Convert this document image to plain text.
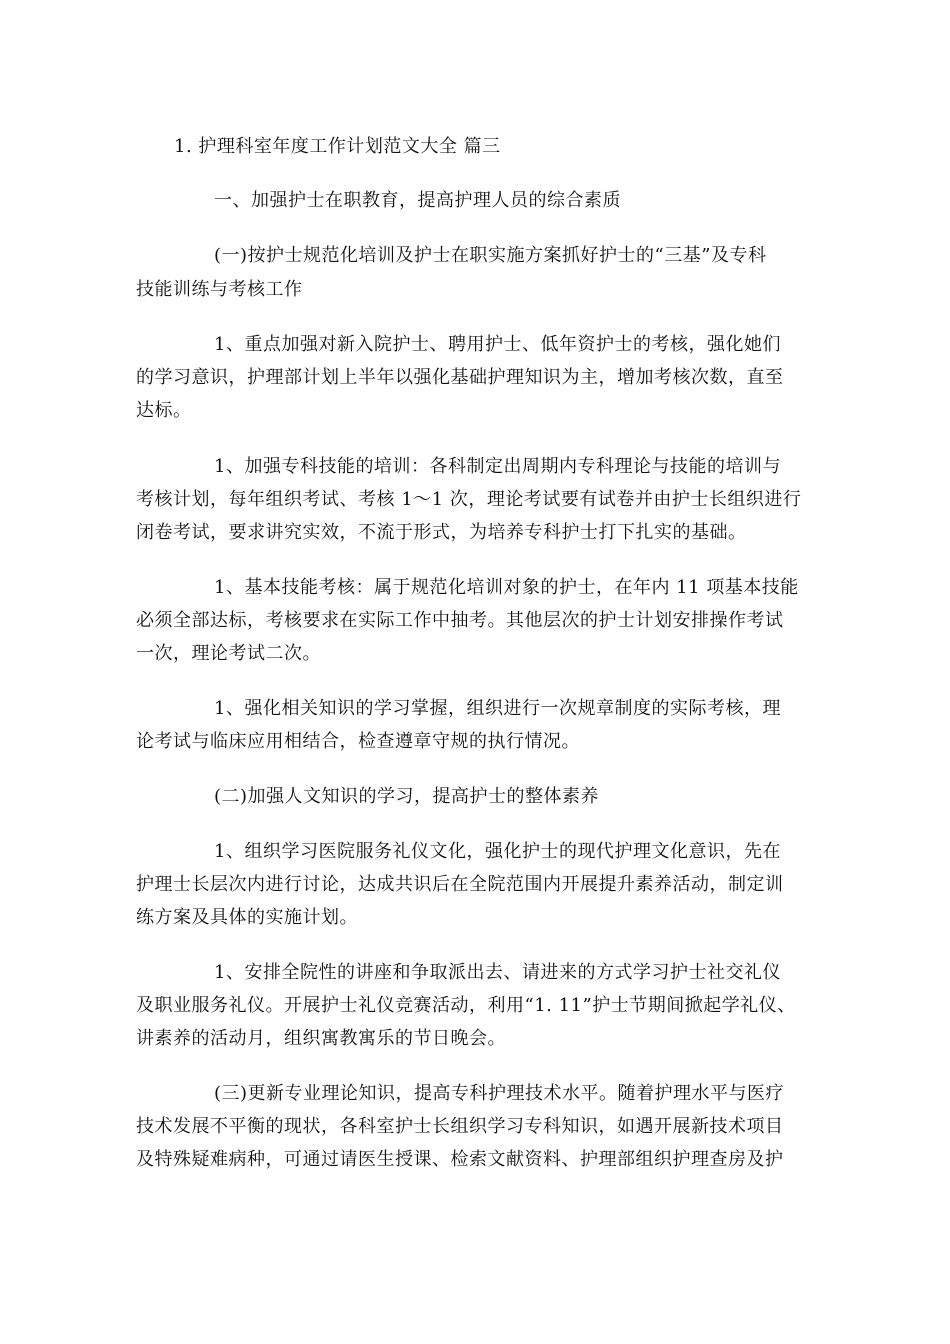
1. 护理科室年度工作计划范文大全 篇三
一、加强护士在职教育，提高护理人员的综合素质
(一)按护士规范化培训及护士在职实施方案抓好护士的“三基”及专科
技能训练与考核工作
1、重点加强对新入院护士、聘用护士、低年资护士的考核，强化她们
的学习意识，护理部计划上半年以强化基础护理知识为主，增加考核次数，直至
达标。
1、加强专科技能的培训：各科制定出周期内专科理论与技能的培训与
考核计划，每年组织考试、考核 1～1 次，理论考试要有试卷并由护士长组织进行
闭卷考试，要求讲究实效，不流于形式，为培养专科护士打下扎实的基础。
1、基本技能考核：属于规范化培训对象的护士，在年内 11 项基本技能
必须全部达标，考核要求在实际工作中抽考。其他层次的护士计划安排操作考试
一次，理论考试二次。
1、强化相关知识的学习掌握，组织进行一次规章制度的实际考核，理
论考试与临床应用相结合，检查遵章守规的执行情况。
(二)加强人文知识的学习，提高护士的整体素养
1、组织学习医院服务礼仪文化，强化护士的现代护理文化意识，先在
护理士长层次内进行讨论，达成共识后在全院范围内开展提升素养活动，制定训
练方案及具体的实施计划。
1、安排全院性的讲座和争取派出去、请进来的方式学习护士社交礼仪
及职业服务礼仪。开展护士礼仪竞赛活动，利用“1. 11”护士节期间掀起学礼仪、
讲素养的活动月，组织寓教寓乐的节日晚会。
(三)更新专业理论知识，提高专科护理技术水平。随着护理水平与医疗
技术发展不平衡的现状，各科室护士长组织学习专科知识，如遇开展新技术项目
及特殊疑难病种，可通过请医生授课、检索文献资料、护理部组织护理查房及护
